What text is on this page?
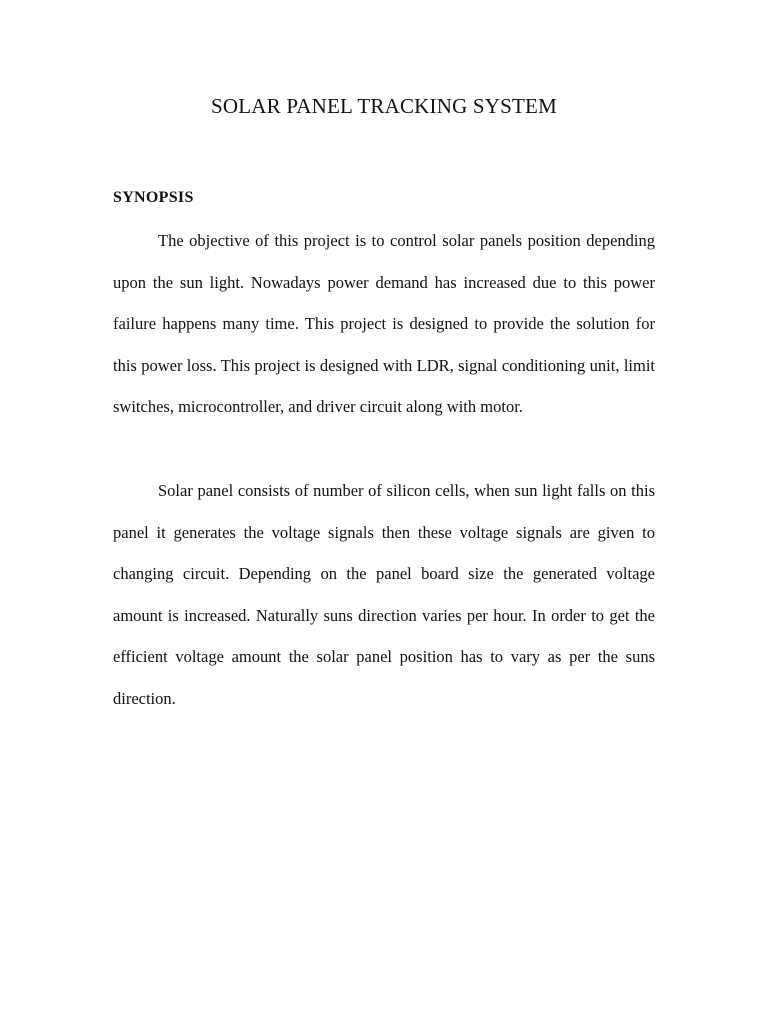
SOLAR PANEL TRACKING SYSTEM
SYNOPSIS

The objective of this project is to control solar panels position depending upon the sun light. Nowadays power demand has increased due to this power failure happens many time. This project is designed to provide the solution for this power loss. This project is designed with LDR, signal conditioning unit, limit switches, microcontroller, and driver circuit along with motor.

Solar panel consists of number of silicon cells, when sun light falls on this panel it generates the voltage signals then these voltage signals are given to changing circuit. Depending on the panel board size the generated voltage amount is increased. Naturally suns direction varies per hour. In order to get the efficient voltage amount the solar panel position has to vary as per the suns direction.
